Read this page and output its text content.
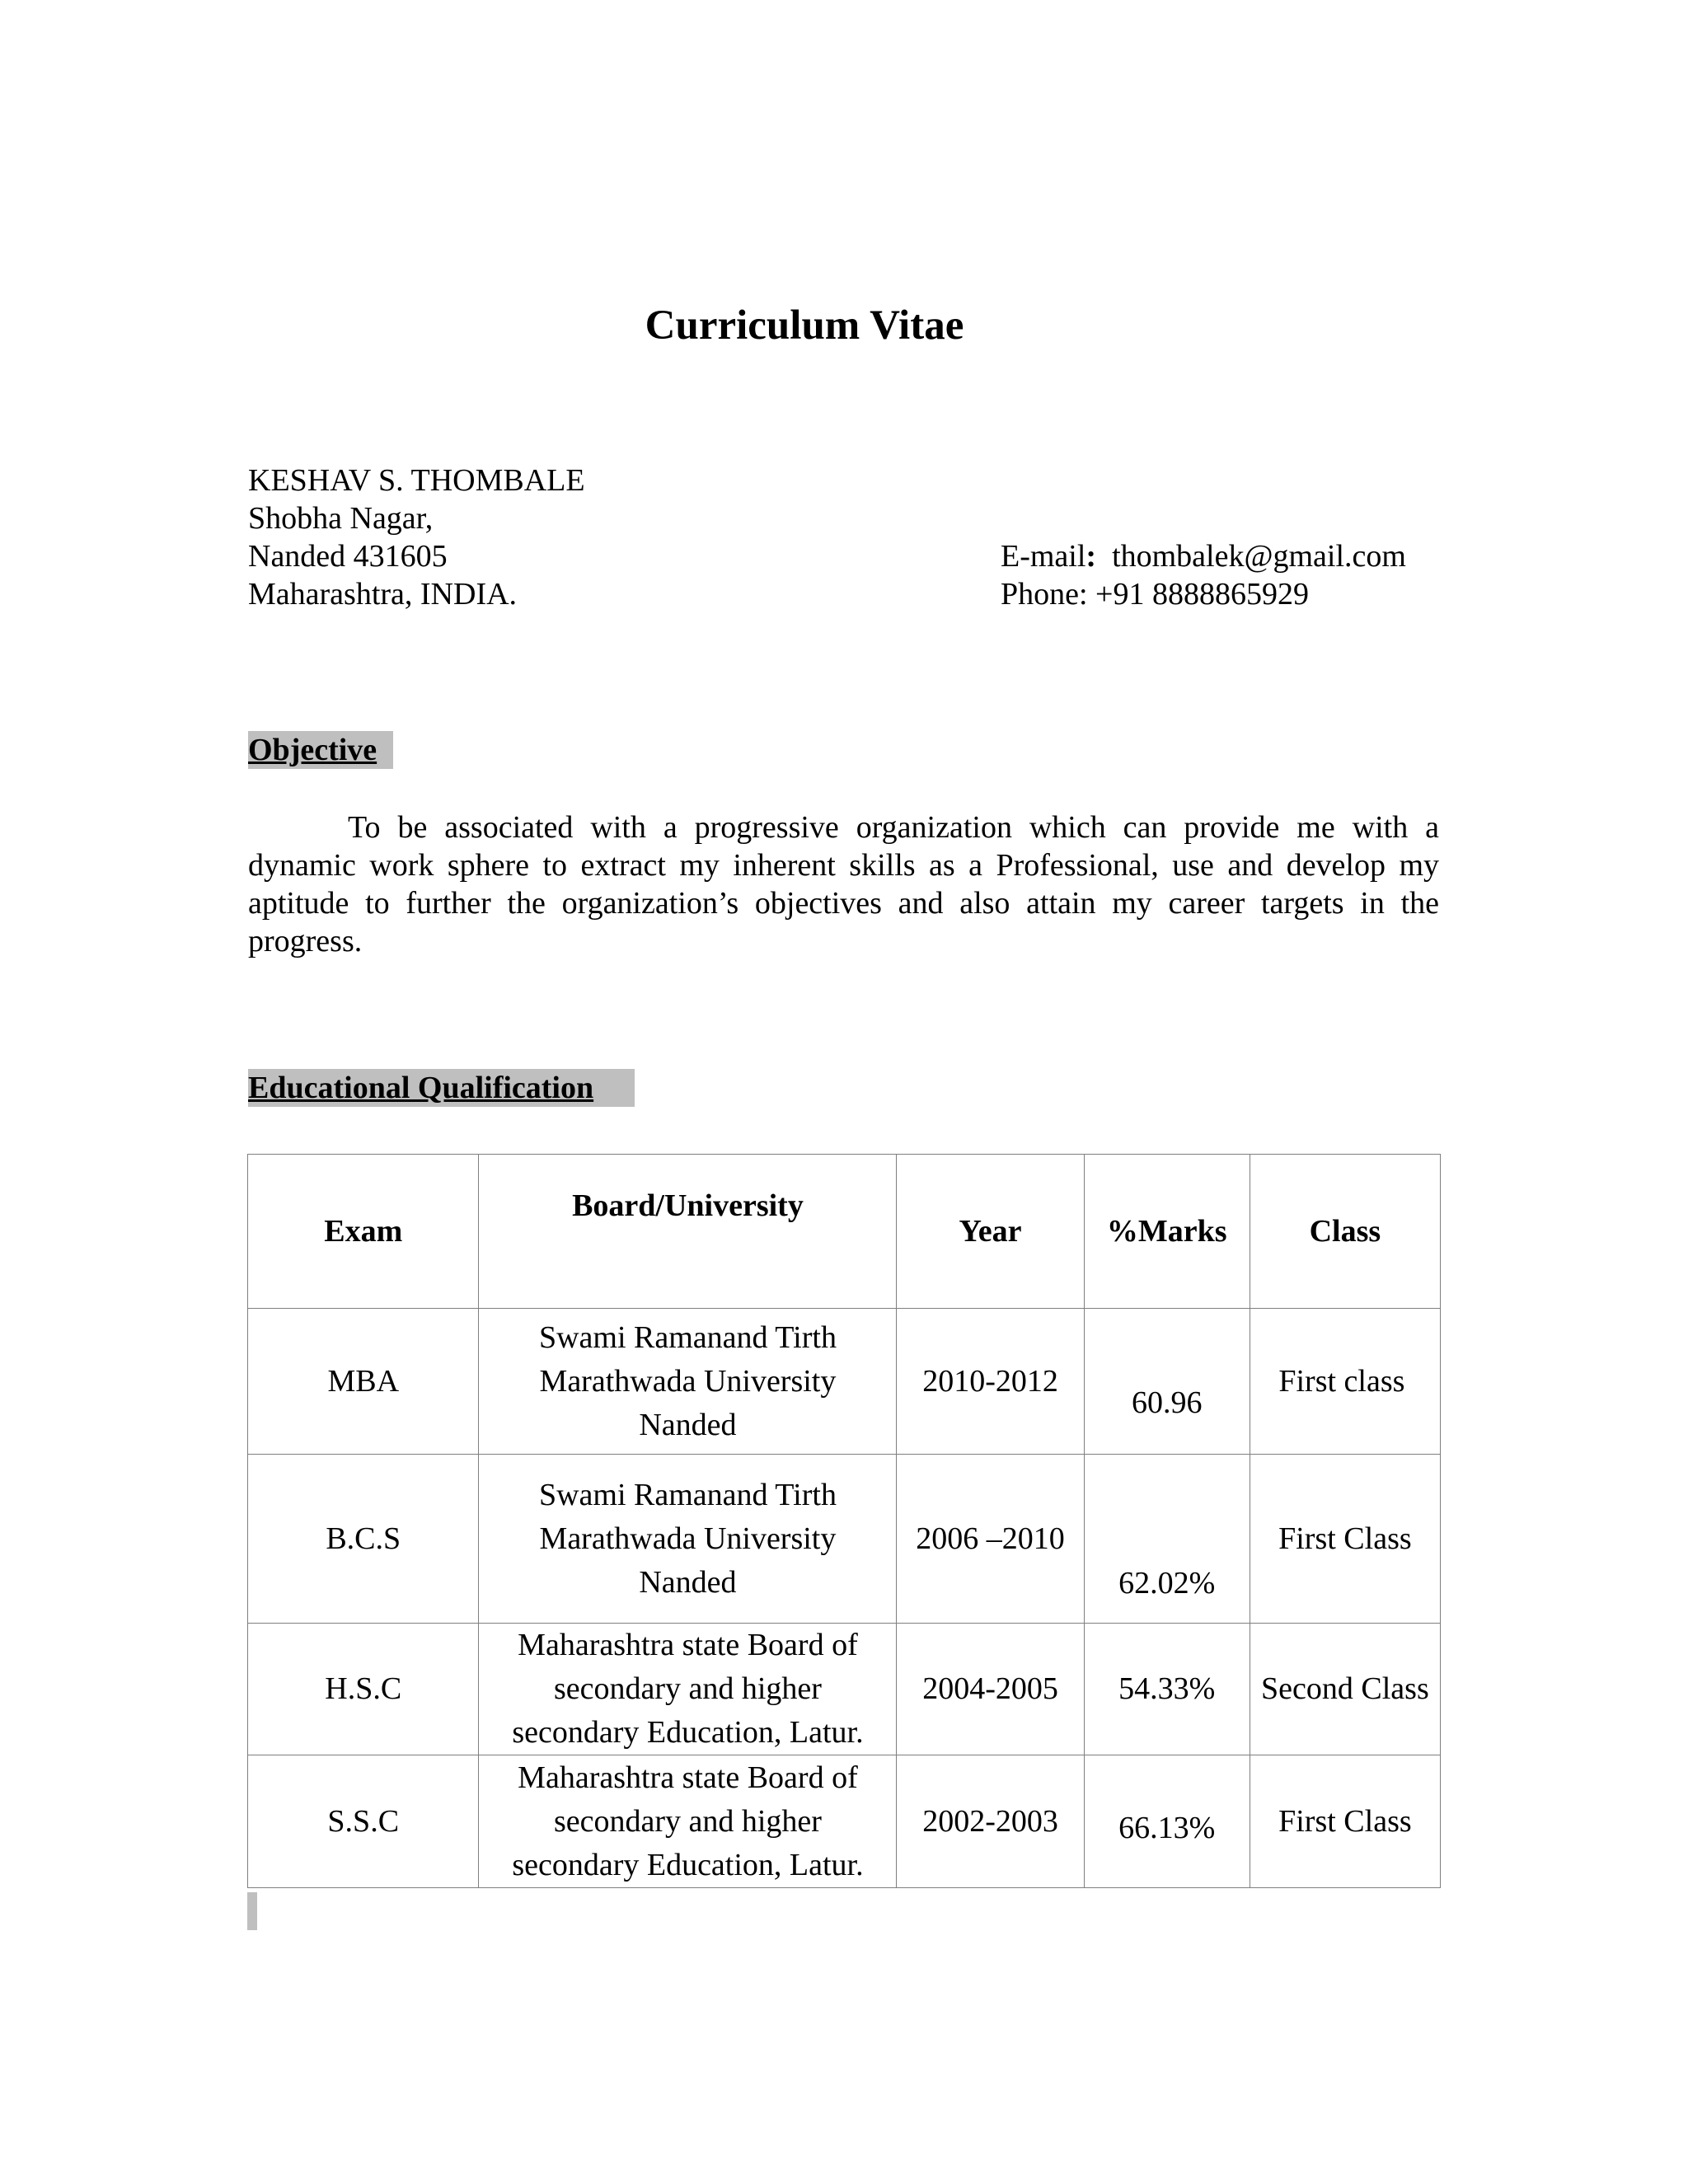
Curriculum Vitae
KESHAV S. THOMBALE
Shobha Nagar,
Nanded 431605
Maharashtra, INDIA.
E-mail: thombalek@gmail.com
Phone: +91 8888865929
Objective

To be associated with a progressive organization which can provide me with a dynamic work sphere to extract my inherent skills as a Professional, use and develop my aptitude to further the organization’s objectives and also attain my career targets in the progress.

Educational Qualification
Exam	Board/University	Year	%Marks	Class
MBA	Swami Ramanand Tirth
Marathwada University
Nanded	2010-2012	60.96	First class
B.C.S	Swami Ramanand Tirth
Marathwada University
Nanded	2006 –2010	62.02%	First Class
H.S.C	Maharashtra state Board of
secondary and higher
secondary Education, Latur.	2004-2005	54.33%	Second Class
S.S.C	Maharashtra state Board of
secondary and higher
secondary Education, Latur.	2002-2003	66.13%	First Class
